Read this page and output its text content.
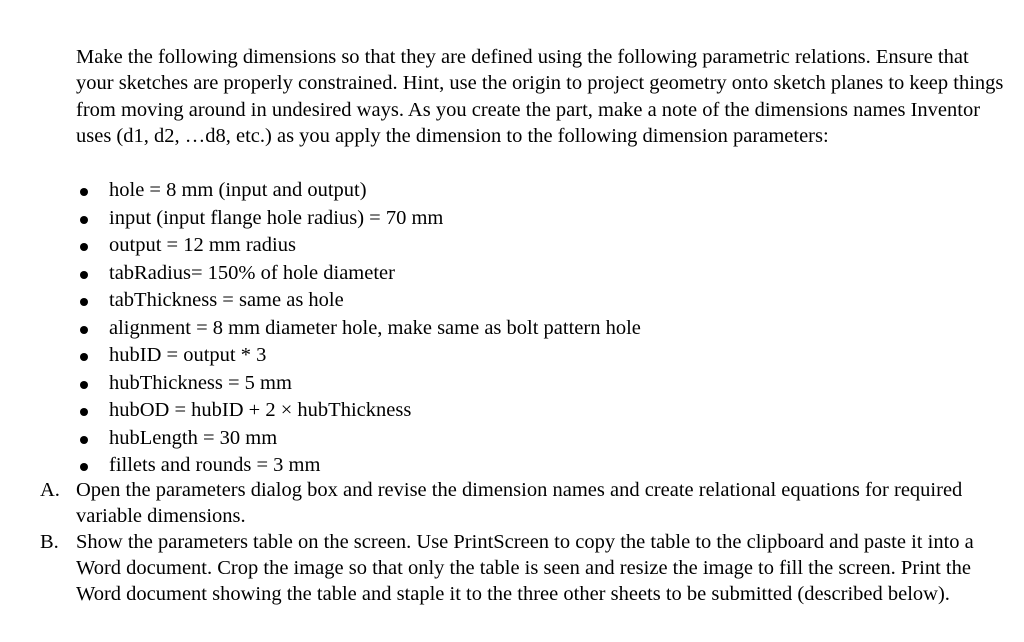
Make the following dimensions so that they are defined using the following parametric relations. Ensure that your sketches are properly constrained. Hint, use the origin to project geometry onto sketch planes to keep things from moving around in undesired ways. As you create the part, make a note of the dimensions names Inventor uses (d1, d2, …d8, etc.) as you apply the dimension to the following dimension parameters:

hole = 8 mm (input and output)
input (input flange hole radius) = 70 mm
output = 12 mm radius
tabRadius= 150% of hole diameter
tabThickness = same as hole
alignment = 8 mm diameter hole, make same as bolt pattern hole
hubID = output * 3
hubThickness = 5 mm
hubOD = hubID + 2 × hubThickness
hubLength = 30 mm
fillets and rounds = 3 mm
A. Open the parameters dialog box and revise the dimension names and create relational equations for required variable dimensions.
B. Show the parameters table on the screen. Use PrintScreen to copy the table to the clipboard and paste it into a Word document. Crop the image so that only the table is seen and resize the image to fill the screen. Print the Word document showing the table and staple it to the three other sheets to be submitted (described below).
